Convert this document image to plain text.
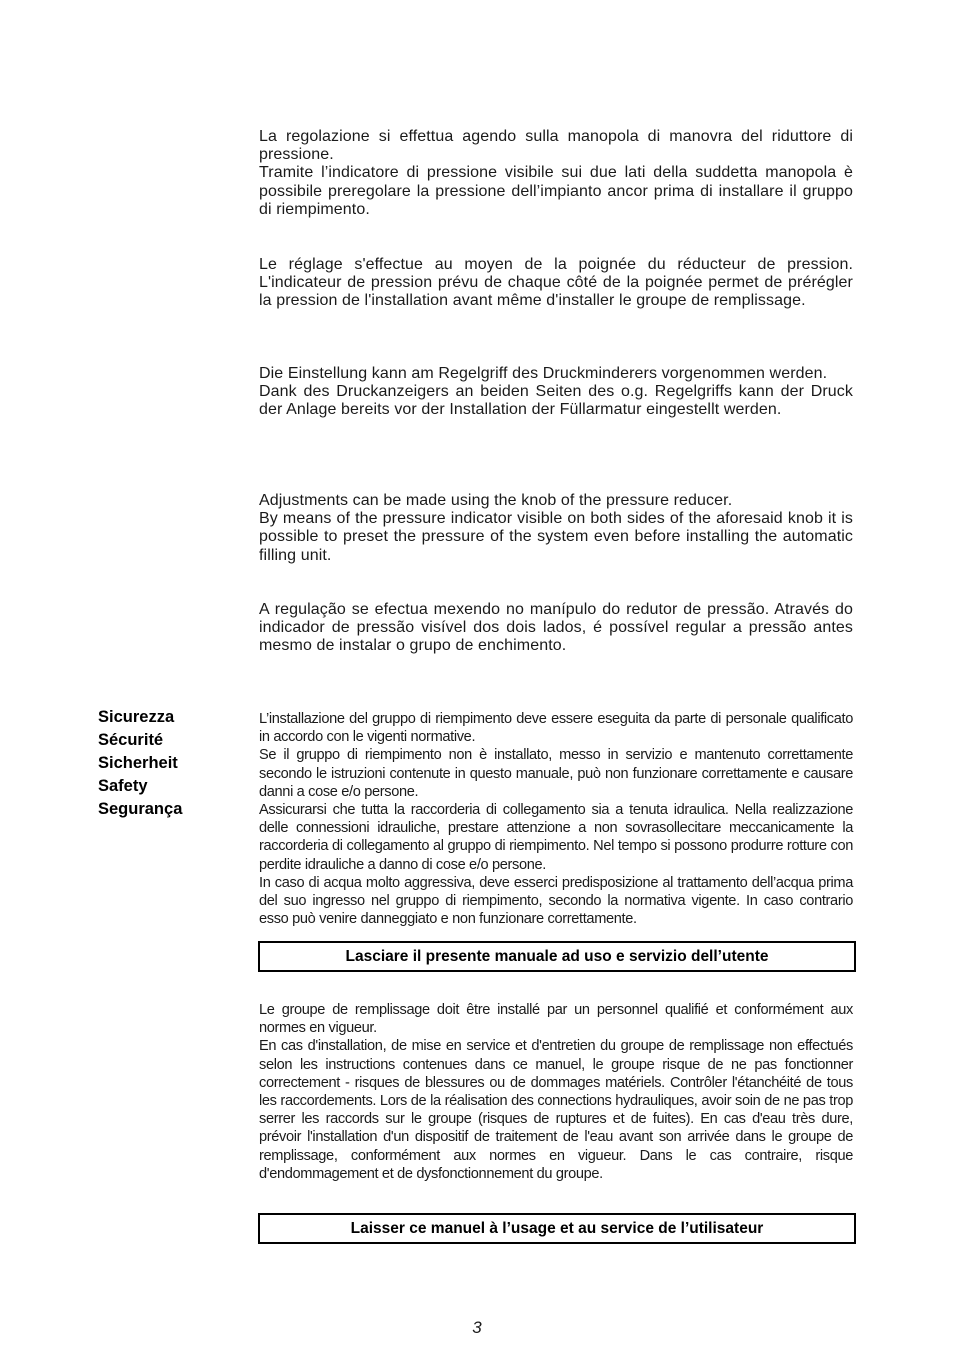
La regolazione si effettua agendo sulla manopola di manovra del riduttore di pressione.
Tramite l’indicatore di pressione visibile sui due lati della suddetta manopola è possibile preregolare la pressione dell’impianto ancor prima di installare il gruppo di riempimento.

Le réglage s'effectue au moyen de la poignée du réducteur de pression. L'indicateur de pression prévu de chaque côté de la poignée permet de prérégler la pression de l'installation avant même d'installer le groupe de remplissage.

Die Einstellung kann am Regelgriff des Druckminderers vorgenommen werden.
Dank des Druckanzeigers an beiden Seiten des o.g. Regelgriffs kann der Druck der Anlage bereits vor der Installation der Füllarmatur eingestellt werden.

Adjustments can be made using the knob of the pressure reducer.
By means of the pressure indicator visible on both sides of the aforesaid knob it is possible to preset the pressure of the system even before installing the automatic filling unit.

A regulação se efectua mexendo no manípulo do redutor de pressão. Através do indicador de pressão visível dos dois lados, é possível regular a pressão antes mesmo de instalar o grupo de enchimento.

Sicurezza
Sécurité
Sicherheit
Safety
Segurança

L’installazione del gruppo di riempimento deve essere eseguita da parte di personale qualificato in accordo con le vigenti normative.
Se il gruppo di riempimento non è installato, messo in servizio e mantenuto correttamente secondo le istruzioni contenute in questo manuale, può non funzionare correttamente e causare danni a cose e/o persone.
Assicurarsi che tutta la raccorderia di collegamento sia a tenuta idraulica. Nella realizzazione delle connessioni idrauliche, prestare attenzione a non sovrasollecitare meccanicamente la raccorderia di collegamento al gruppo di riempimento. Nel tempo si possono produrre rotture con perdite idrauliche a danno di cose e/o persone.
In caso di acqua molto aggressiva, deve esserci predisposizione al trattamento dell’acqua prima del suo ingresso nel gruppo di riempimento, secondo la normativa vigente. In caso contrario esso può venire danneggiato e non funzionare correttamente.

Lasciare il presente manuale ad uso e servizio dell’utente

Le groupe de remplissage doit être installé par un personnel qualifié et conformément aux normes en vigueur.
En cas d'installation, de mise en service et d'entretien du groupe de remplissage non effectués selon les instructions contenues dans ce manuel, le groupe risque de ne pas fonctionner correctement - risques de blessures ou de dommages matériels. Contrôler l'étanchéité de tous les raccordements. Lors de la réalisation des connections hydrauliques, avoir soin de ne pas trop serrer les raccords sur le groupe (risques de ruptures et de fuites). En cas d'eau très dure, prévoir l'installation d'un dispositif de traitement de l'eau avant son arrivée dans le groupe de remplissage, conformément aux normes en vigueur. Dans le cas contraire, risque d'endommagement et de dysfonctionnement du groupe.

Laisser ce manuel à l’usage et au service de l’utilisateur
3
